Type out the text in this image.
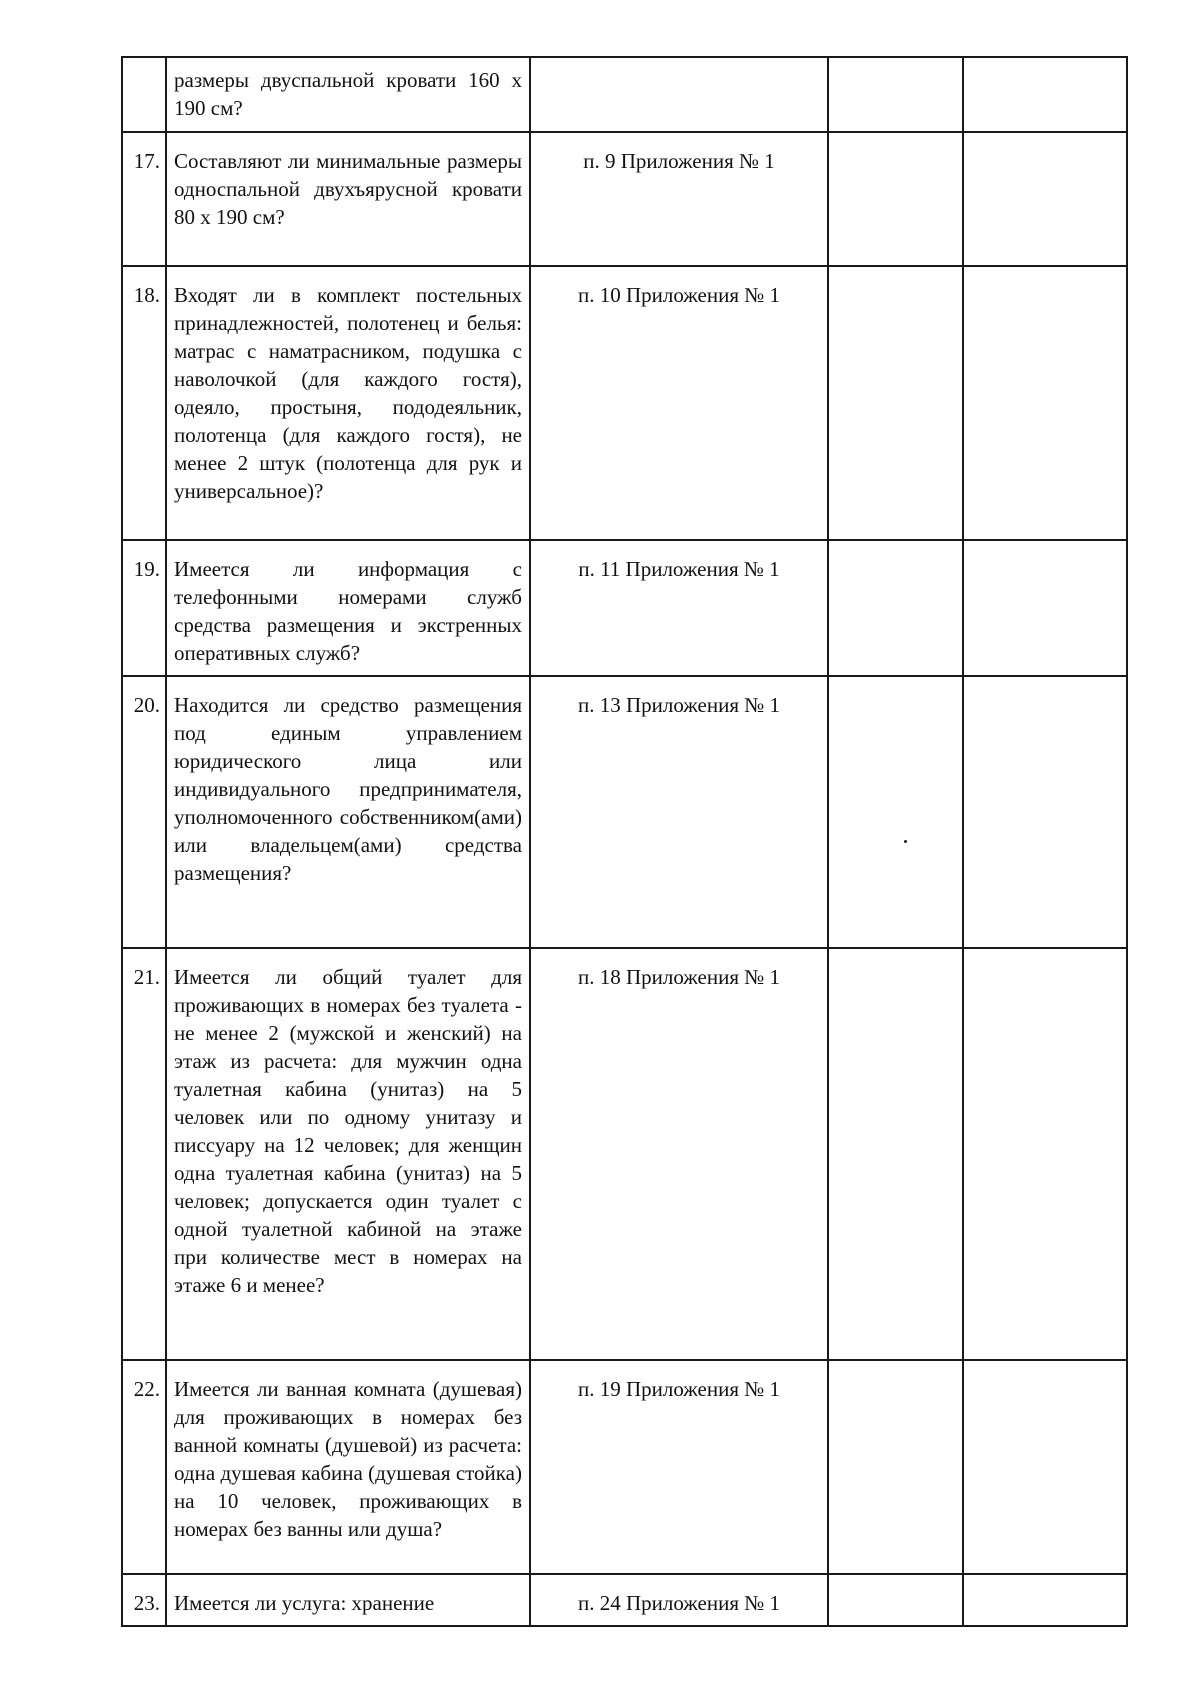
	размеры двуспальной кровати 160 х 190 см?			
17.	Составляют ли минимальные размеры односпальной двухъярусной кровати 80 х 190 см?	п. 9 Приложения № 1		
18.	Входят ли в комплект постельных принадлежностей, полотенец и белья: матрас с наматрасником, подушка с наволочкой (для каждого гостя), одеяло, простыня, пододеяльник, полотенца (для каждого гостя), не менее 2 штук (полотенца для рук и универсальное)?	п. 10 Приложения № 1		
19.	Имеется ли информация с телефонными номерами служб средства размещения и экстренных оперативных служб?	п. 11 Приложения № 1		
20.	Находится ли средство размещения под единым управлением юридического лица или индивидуального предпринимателя, уполномоченного собственником(ами) или владельцем(ами) средства размещения?	п. 13 Приложения № 1		
21.	Имеется ли общий туалет для проживающих в номерах без туалета - не менее 2 (мужской и женский) на этаж из расчета: для мужчин одна туалетная кабина (унитаз) на 5 человек или по одному унитазу и писсуару на 12 человек; для женщин одна туалетная кабина (унитаз) на 5 человек; допускается один туалет с одной туалетной кабиной на этаже при количестве мест в номерах на этаже 6 и менее?	п. 18 Приложения № 1		
22.	Имеется ли ванная комната (душевая) для проживающих в номерах без ванной комнаты (душевой) из расчета: одна душевая кабина (душевая стойка) на 10 человек, проживающих в номерах без ванны или душа?	п. 19 Приложения № 1		
23.	Имеется ли услуга: хранение	п. 24 Приложения № 1		
